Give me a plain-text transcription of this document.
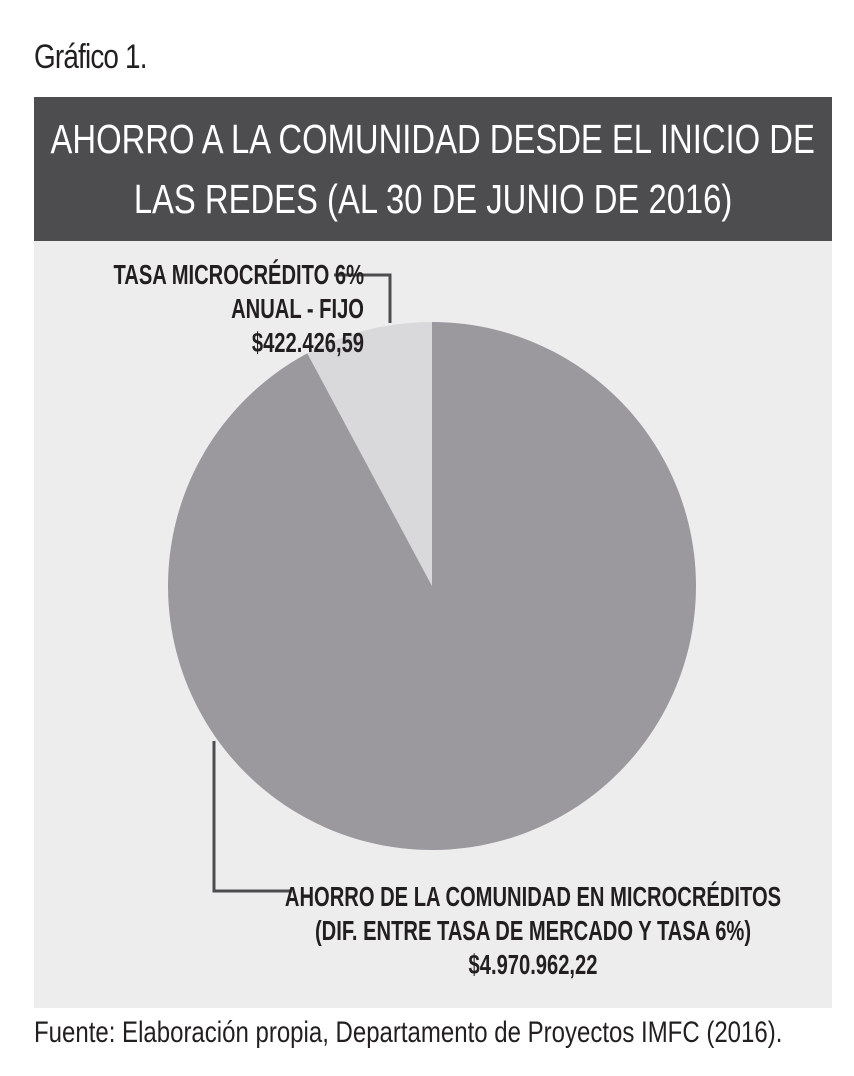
Gráfico 1.
AHORRO A LA COMUNIDAD DESDE EL INICIO DE
LAS REDES (AL 30 DE JUNIO DE 2016)
TASA MICROCRÉDITO 6%
ANUAL - FIJO
$422.426,59
AHORRO DE LA COMUNIDAD EN MICROCRÉDITOS
(DIF. ENTRE TASA DE MERCADO Y TASA 6%)
$4.970.962,22

Fuente: Elaboración propia, Departamento de Proyectos IMFC (2016).
